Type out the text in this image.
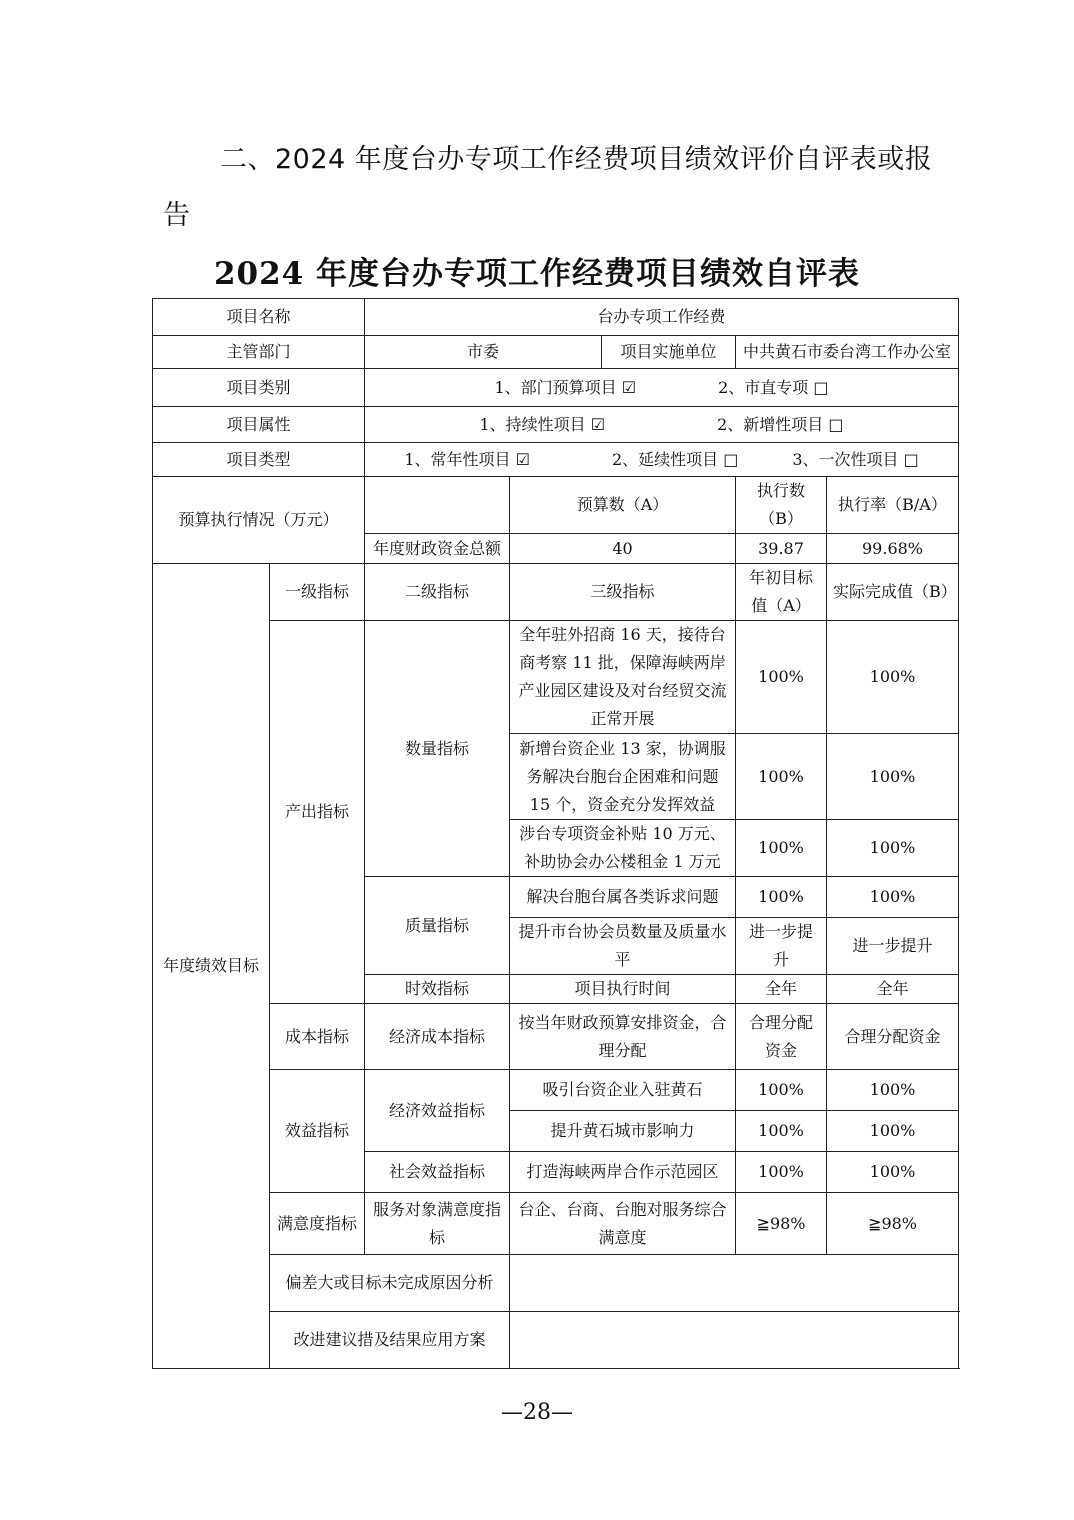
二、2024 年度台办专项工作经费项目绩效评价自评表或报告
2024 年度台办专项工作经费项目绩效自评表
项目名称		台办专项工作经费				
主管部门		市委		项目实施单位	中共黄石市委台湾工作办公室	
项目类别		1、部门预算项目 ☑ 2、市直专项 □				
项目属性		1、持续性项目 ☑ 2、新增性项目 □				
项目类型		1、常年性项目 ☑ 2、延续性项目 □ 3、一次性项目 □				
预算执行情况（万元）			预算数（A）		执行数（B）	执行率（B/A）
		年度财政资金总额	40		39.87	99.68%
年度绩效目标	一级指标	二级指标	三级指标		年初目标值（A）	实际完成值（B）
	产出指标	数量指标	全年驻外招商 16 天，接待台商考察 11 批，保障海峡两岸产业园区建设及对台经贸交流正常开展		100%	100%
			新增台资企业 13 家，协调服务解决台胞台企困难和问题 15 个，资金充分发挥效益		100%	100%
			涉台专项资金补贴 10 万元、补助协会办公楼租金 1 万元		100%	100%
		质量指标	解决台胞台属各类诉求问题		100%	100%
			提升市台协会员数量及质量水平		进一步提升	进一步提升
		时效指标	项目执行时间		全年	全年
	成本指标	经济成本指标	按当年财政预算安排资金，合理分配		合理分配资金	合理分配资金
	效益指标	经济效益指标	吸引台资企业入驻黄石		100%	100%
			提升黄石城市影响力		100%	100%
		社会效益指标	打造海峡两岸合作示范园区		100%	100%
	满意度指标	服务对象满意度指标	台企、台商、台胞对服务综合满意度		≧98%	≧98%
	偏差大或目标未完成原因分析					
	改进建议措及结果应用方案					
—28—
